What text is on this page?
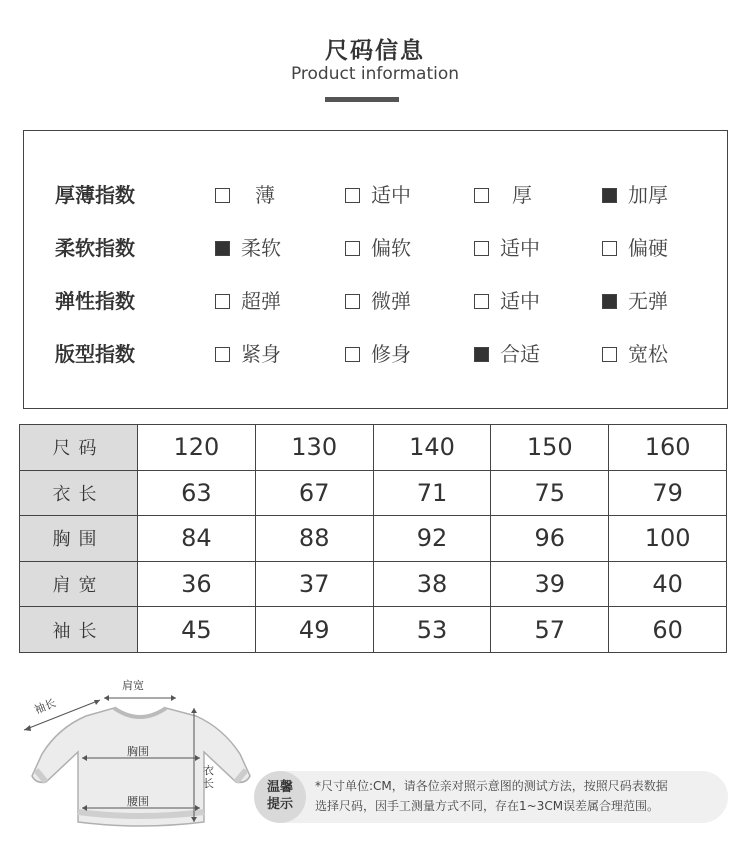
尺码信息
Product information
厚薄指数	薄	适中	厚	加厚
柔软指数	柔软	偏软	适中	偏硬
弹性指数	超弹	微弹	适中	无弹
版型指数	紧身	修身	合适	宽松
尺码	120	130	140	150	160
衣长	63	67	71	75	79
胸围	84	88	92	96	100
肩宽	36	37	38	39	40
袖长	45	49	53	57	60
肩宽
袖长
胸围
腰围
衣长	温馨
提示
*尺寸单位:CM，请各位亲对照示意图的测试方法，按照尺码表数据
选择尺码，因手工测量方式不同，存在1~3CM误差属合理范围。
